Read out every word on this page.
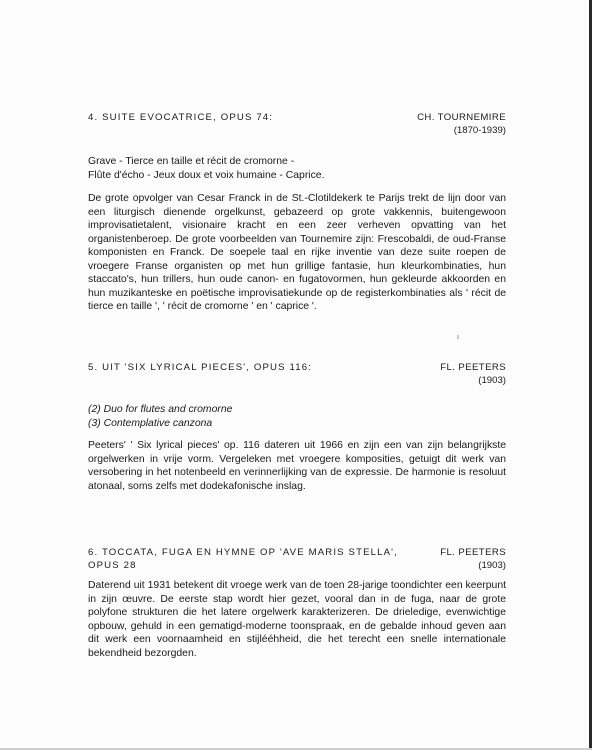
4. SUITE EVOCATRICE, OPUS 74:	CH. TOURNEMIRE
(1870-1939)
Grave - Tierce en taille et récit de cromorne -
Flûte d'écho - Jeux doux et voix humaine - Caprice.

De grote opvolger van Cesar Franck in de St.-Clotildekerk te Parijs trekt de lijn door van een liturgisch dienende orgelkunst, gebazeerd op grote vakkennis, buitengewoon improvisatietalent, visionaire kracht en een zeer verheven opvatting van het organistenberoep. De grote voorbeelden van Tournemire zijn: Frescobaldi, de oud-Franse komponisten en Franck. De soepele taal en rijke inventie van deze suite roepen de vroegere Franse organisten op met hun grillige fantasie, hun kleurkombinaties, hun staccato's, hun trillers, hun oude canon- en fugatovormen, hun gekleurde akkoorden en hun muzikanteske en poëtische improvisatiekunde op de registerkombinaties als ' récit de tierce en taille ', ' récit de cromorne ' en ' caprice '.

5. UIT 'SIX LYRICAL PIECES', OPUS 116:	FL. PEETERS
(1903)
(2) Duo for flutes and cromorne
(3) Contemplative canzona

Peeters' ' Six lyrical pieces' op. 116 dateren uit 1966 en zijn een van zijn belangrijkste orgelwerken in vrije vorm. Vergeleken met vroegere komposities, getuigt dit werk van versobering in het notenbeeld en verinnerlijking van de expressie. De harmonie is resoluut atonaal, soms zelfs met dodekafonische inslag.

6. TOCCATA, FUGA EN HYMNE OP 'AVE MARIS STELLA',
OPUS 28
FL. PEETERS
(1903)

Daterend uit 1931 betekent dit vroege werk van de toen 28-jarige toondichter een keerpunt in zijn œuvre. De eerste stap wordt hier gezet, vooral dan in de fuga, naar de grote polyfone strukturen die het latere orgelwerk karakterizeren. De drieledige, evenwichtige opbouw, gehuld in een gematigd-moderne toonspraak, en de gebalde inhoud geven aan dit werk een voornaamheid en stijlééhheid, die het terecht een snelle internationale bekendheid bezorgden.
